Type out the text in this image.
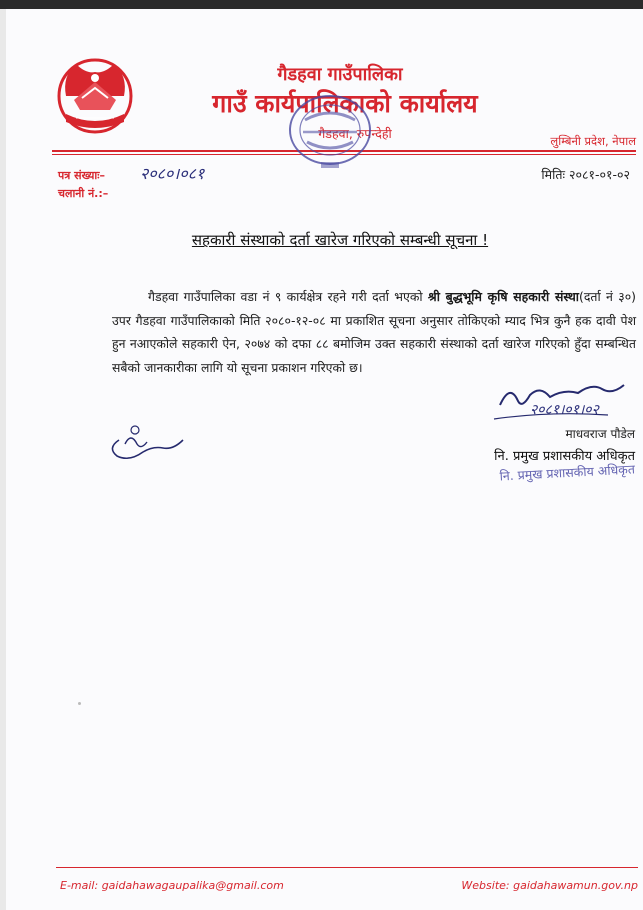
गैडहवा गाउँपालिका
गाउँ कार्यपालिकाको कार्यालय
गैडहवा, रुपन्देही	लुम्बिनी प्रदेश, नेपाल
पत्र संख्याः– २०८०।०८१
चलानी नं.:–
मितिः २०८१-०१-०२
सहकारी संस्थाको दर्ता खारेज गरिएको सम्बन्धी सूचना !

गैडहवा गाउँपालिका वडा नं ९ कार्यक्षेत्र रहने गरी दर्ता भएको श्री बुद्धभूमि कृषि सहकारी संस्था(दर्ता नं ३०) उपर गैडहवा गाउँपालिकाको मिति २०८०-१२-०८ मा प्रकाशित सूचना अनुसार तोकिएको म्याद भित्र कुनै हक दावी पेश हुन नआएकोले सहकारी ऐन, २०७४ को दफा ८८ बमोजिम उक्त सहकारी संस्थाको दर्ता खारेज गरिएको हुँदा सम्बन्धित सबैको जानकारीका लागि यो सूचना प्रकाशन गरिएको छ।

२०८१।०१।०२
माधवराज पौडेल
नि. प्रमुख प्रशासकीय अधिकृत
नि. प्रमुख प्रशासकीय अधिकृत
E-mail: gaidahawagaupalika@gmail.com	Website: gaidahawamun.gov.np
